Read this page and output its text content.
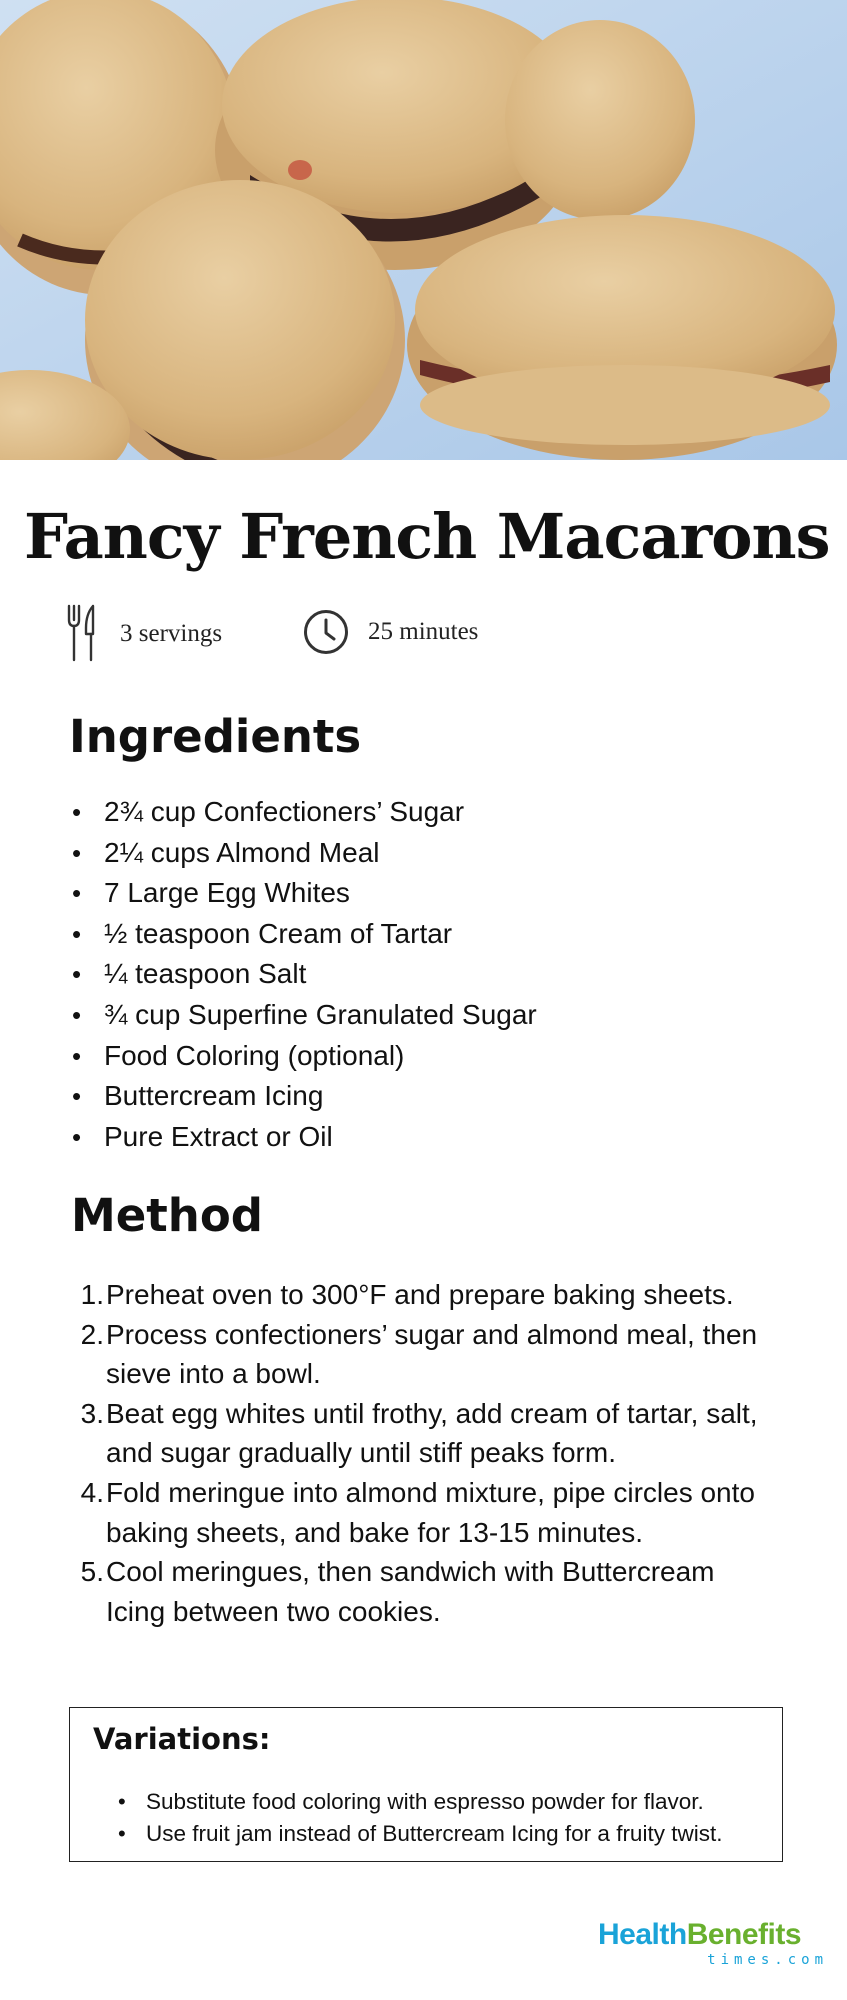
Fancy French Macarons
3 servings	25 minutes
Ingredients
• 2¾ cup Confectioners’ Sugar
• 2¼ cups Almond Meal
• 7 Large Egg Whites
• ½ teaspoon Cream of Tartar
• ¼ teaspoon Salt
• ¾ cup Superfine Granulated Sugar
• Food Coloring (optional)
• Buttercream Icing
• Pure Extract or Oil
Method
1. Preheat oven to 300°F and prepare baking sheets.
2. Process confectioners’ sugar and almond meal, then sieve into a bowl.
3. Beat egg whites until frothy, add cream of tartar, salt, and sugar gradually until stiff peaks form.
4. Fold meringue into almond mixture, pipe circles onto baking sheets, and bake for 13-15 minutes.
5. Cool meringues, then sandwich with Buttercream Icing between two cookies.
Variations:
• Substitute food coloring with espresso powder for flavor.
• Use fruit jam instead of Buttercream Icing for a fruity twist.
HealthBenefits
times.com
